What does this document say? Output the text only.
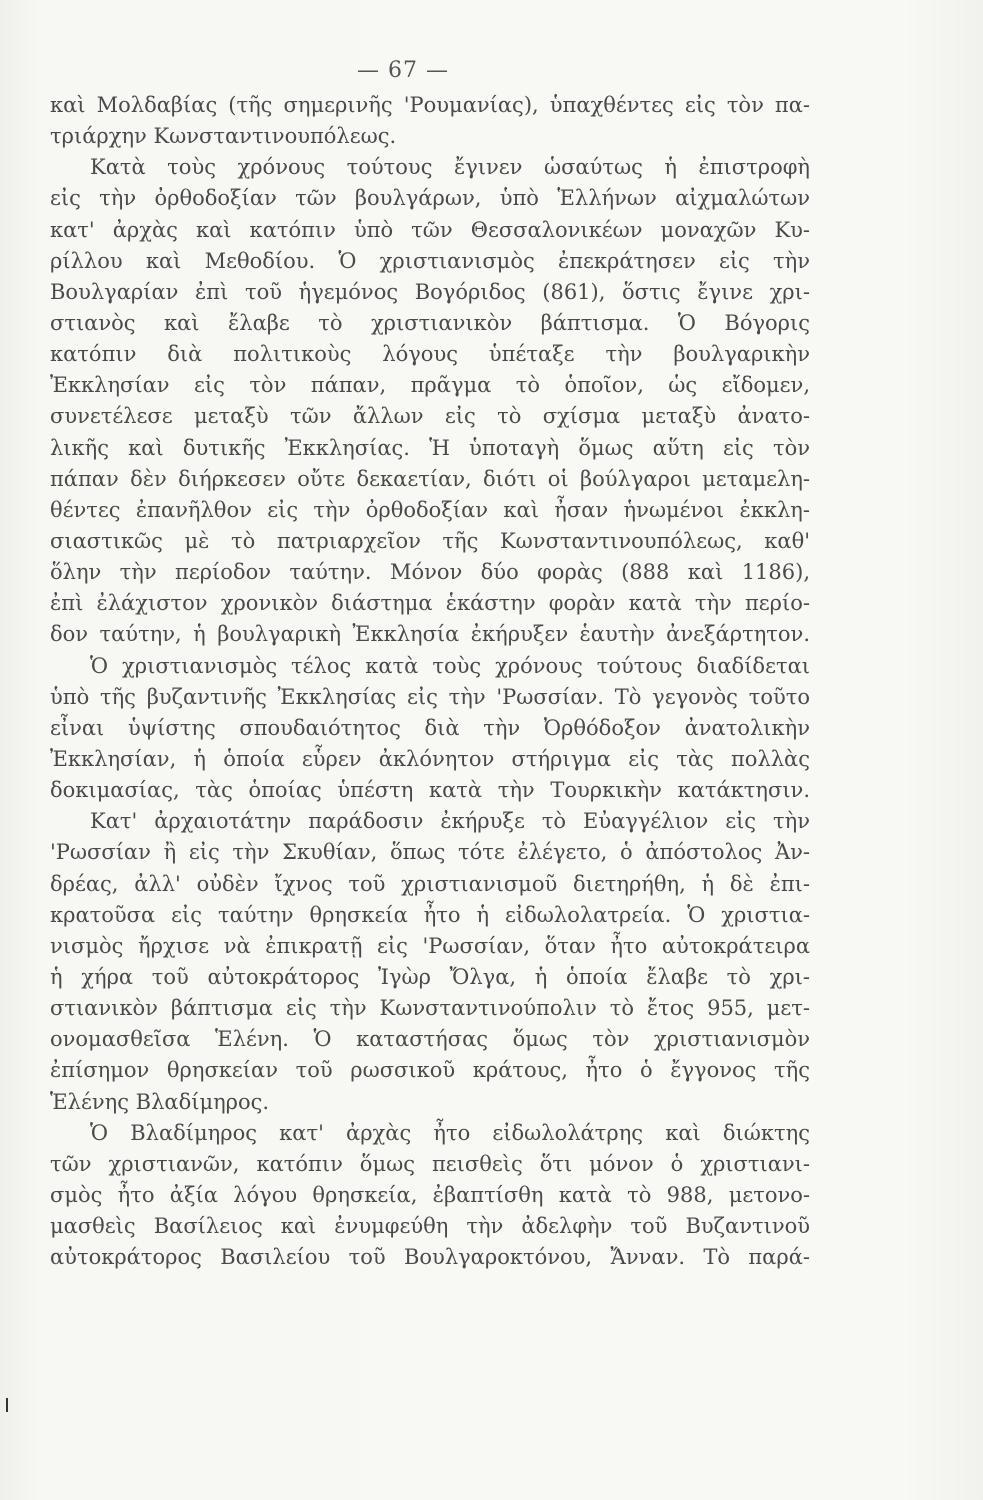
— 67 —
καὶ Μολδαβίας (τῆς σημερινῆς 'Ρουμανίας), ὑπαχθέντες εἰς τὸν πα-
τριάρχην Κωνσταντινουπόλεως.
Κατὰ τοὺς χρόνους τούτους ἔγινεν ὡσαύτως ἡ ἐπιστροφὴ
εἰς τὴν ὀρθοδοξίαν τῶν βουλγάρων, ὑπὸ Ἑλλήνων αἰχμαλώτων
κατ' ἀρχὰς καὶ κατόπιν ὑπὸ τῶν Θεσσαλονικέων μοναχῶν Κυ-
ρίλλου καὶ Μεθοδίου. Ὁ χριστιανισμὸς ἐπεκράτησεν εἰς τὴν
Βουλγαρίαν ἐπὶ τοῦ ἡγεμόνος Βογόριδος (861), ὅστις ἔγινε χρι-
στιανὸς καὶ ἔλαβε τὸ χριστιανικὸν βάπτισμα. Ὁ Βόγορις
κατόπιν διὰ πολιτικοὺς λόγους ὑπέταξε τὴν βουλγαρικὴν
Ἐκκλησίαν εἰς τὸν πάπαν, πρᾶγμα τὸ ὁποῖον, ὡς εἴδομεν,
συνετέλεσε μεταξὺ τῶν ἄλλων εἰς τὸ σχίσμα μεταξὺ ἀνατο-
λικῆς καὶ δυτικῆς Ἐκκλησίας. Ἡ ὑποταγὴ ὅμως αὕτη εἰς τὸν
πάπαν δὲν διήρκεσεν οὔτε δεκαετίαν, διότι οἱ βούλγαροι μεταμελη-
θέντες ἐπανῆλθον εἰς τὴν ὀρθοδοξίαν καὶ ἦσαν ἡνωμένοι ἐκκλη-
σιαστικῶς μὲ τὸ πατριαρχεῖον τῆς Κωνσταντινουπόλεως, καθ'
ὅλην τὴν περίοδον ταύτην. Μόνον δύο φορὰς (888 καὶ 1186),
ἐπὶ ἐλάχιστον χρονικὸν διάστημα ἑκάστην φορὰν κατὰ τὴν περίο-
δον ταύτην, ἡ βουλγαρικὴ Ἐκκλησία ἐκήρυξεν ἑαυτὴν ἀνεξάρτητον.
Ὁ χριστιανισμὸς τέλος κατὰ τοὺς χρόνους τούτους διαδίδεται
ὑπὸ τῆς βυζαντινῆς Ἐκκλησίας εἰς τὴν 'Ρωσσίαν. Τὸ γεγονὸς τοῦτο
εἶναι ὑψίστης σπουδαιότητος διὰ τὴν Ὀρθόδοξον ἀνατολικὴν
Ἐκκλησίαν, ἡ ὁποία εὗρεν ἀκλόνητον στήριγμα εἰς τὰς πολλὰς
δοκιμασίας, τὰς ὁποίας ὑπέστη κατὰ τὴν Τουρκικὴν κατάκτησιν.
Κατ' ἀρχαιοτάτην παράδοσιν ἐκήρυξε τὸ Εὐαγγέλιον εἰς τὴν
'Ρωσσίαν ἢ εἰς τὴν Σκυθίαν, ὅπως τότε ἐλέγετο, ὁ ἀπόστολος Ἀν-
δρέας, ἀλλ' οὐδὲν ἴχνος τοῦ χριστιανισμοῦ διετηρήθη, ἡ δὲ ἐπι-
κρατοῦσα εἰς ταύτην θρησκεία ἦτο ἡ εἰδωλολατρεία. Ὁ χριστια-
νισμὸς ἤρχισε νὰ ἐπικρατῇ εἰς 'Ρωσσίαν, ὅταν ἦτο αὐτοκράτειρα
ἡ χήρα τοῦ αὐτοκράτορος Ἰγὼρ Ὄλγα, ἡ ὁποία ἔλαβε τὸ χρι-
στιανικὸν βάπτισμα εἰς τὴν Κωνσταντινούπολιν τὸ ἔτος 955, μετ-
ονομασθεῖσα Ἑλένη. Ὁ καταστήσας ὅμως τὸν χριστιανισμὸν
ἐπίσημον θρησκείαν τοῦ ρωσσικοῦ κράτους, ἦτο ὁ ἔγγονος τῆς
Ἑλένης Βλαδίμηρος.
Ὁ Βλαδίμηρος κατ' ἀρχὰς ἦτο εἰδωλολάτρης καὶ διώκτης
τῶν χριστιανῶν, κατόπιν ὅμως πεισθεὶς ὅτι μόνον ὁ χριστιανι-
σμὸς ἦτο ἀξία λόγου θρησκεία, ἐβαπτίσθη κατὰ τὸ 988, μετονο-
μασθεὶς Βασίλειος καὶ ἐνυμφεύθη τὴν ἀδελφὴν τοῦ Βυζαντινοῦ
αὐτοκράτορος Βασιλείου τοῦ Βουλγαροκτόνου, Ἄνναν. Τὸ παρά-
